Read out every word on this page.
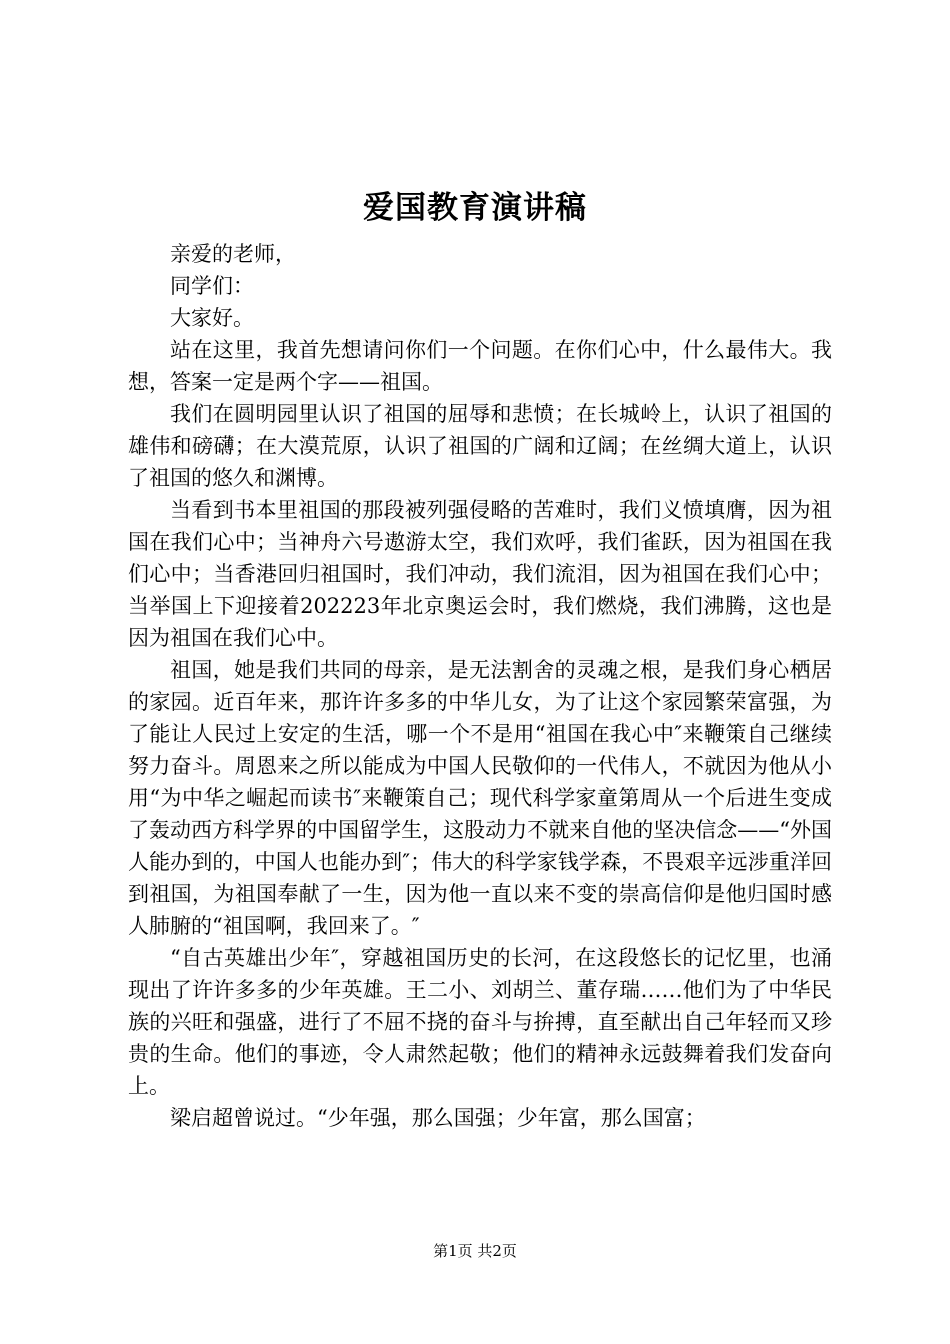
爱国教育演讲稿

亲爱的老师，

同学们：

大家好。

站在这里，我首先想请问你们一个问题。在你们心中，什么最伟大。我想，答案一定是两个字——祖国。

我们在圆明园里认识了祖国的屈辱和悲愤；在长城岭上，认识了祖国的雄伟和磅礴；在大漠荒原，认识了祖国的广阔和辽阔；在丝绸大道上，认识了祖国的悠久和渊博。

当看到书本里祖国的那段被列强侵略的苦难时，我们义愤填膺，因为祖国在我们心中；当神舟六号遨游太空，我们欢呼，我们雀跃，因为祖国在我们心中；当香港回归祖国时，我们冲动，我们流泪，因为祖国在我们心中；当举国上下迎接着202223年北京奥运会时，我们燃烧，我们沸腾，这也是因为祖国在我们心中。

祖国，她是我们共同的母亲，是无法割舍的灵魂之根，是我们身心栖居的家园。近百年来，那许许多多的中华儿女，为了让这个家园繁荣富强，为了能让人民过上安定的生活，哪一个不是用“祖国在我心中″来鞭策自己继续努力奋斗。周恩来之所以能成为中国人民敬仰的一代伟人，不就因为他从小用“为中华之崛起而读书″来鞭策自己；现代科学家童第周从一个后进生变成了轰动西方科学界的中国留学生，这股动力不就来自他的坚决信念——“外国人能办到的，中国人也能办到″；伟大的科学家钱学森，不畏艰辛远涉重洋回到祖国，为祖国奉献了一生，因为他一直以来不变的崇高信仰是他归国时感人肺腑的“祖国啊，我回来了。″

“自古英雄出少年″，穿越祖国历史的长河，在这段悠长的记忆里，也涌现出了许许多多的少年英雄。王二小、刘胡兰、董存瑞……他们为了中华民族的兴旺和强盛，进行了不屈不挠的奋斗与拚搏，直至献出自己年轻而又珍贵的生命。他们的事迹，令人肃然起敬；他们的精神永远鼓舞着我们发奋向上。

梁启超曾说过。“少年强，那么国强；少年富，那么国富；

第1页 共2页
